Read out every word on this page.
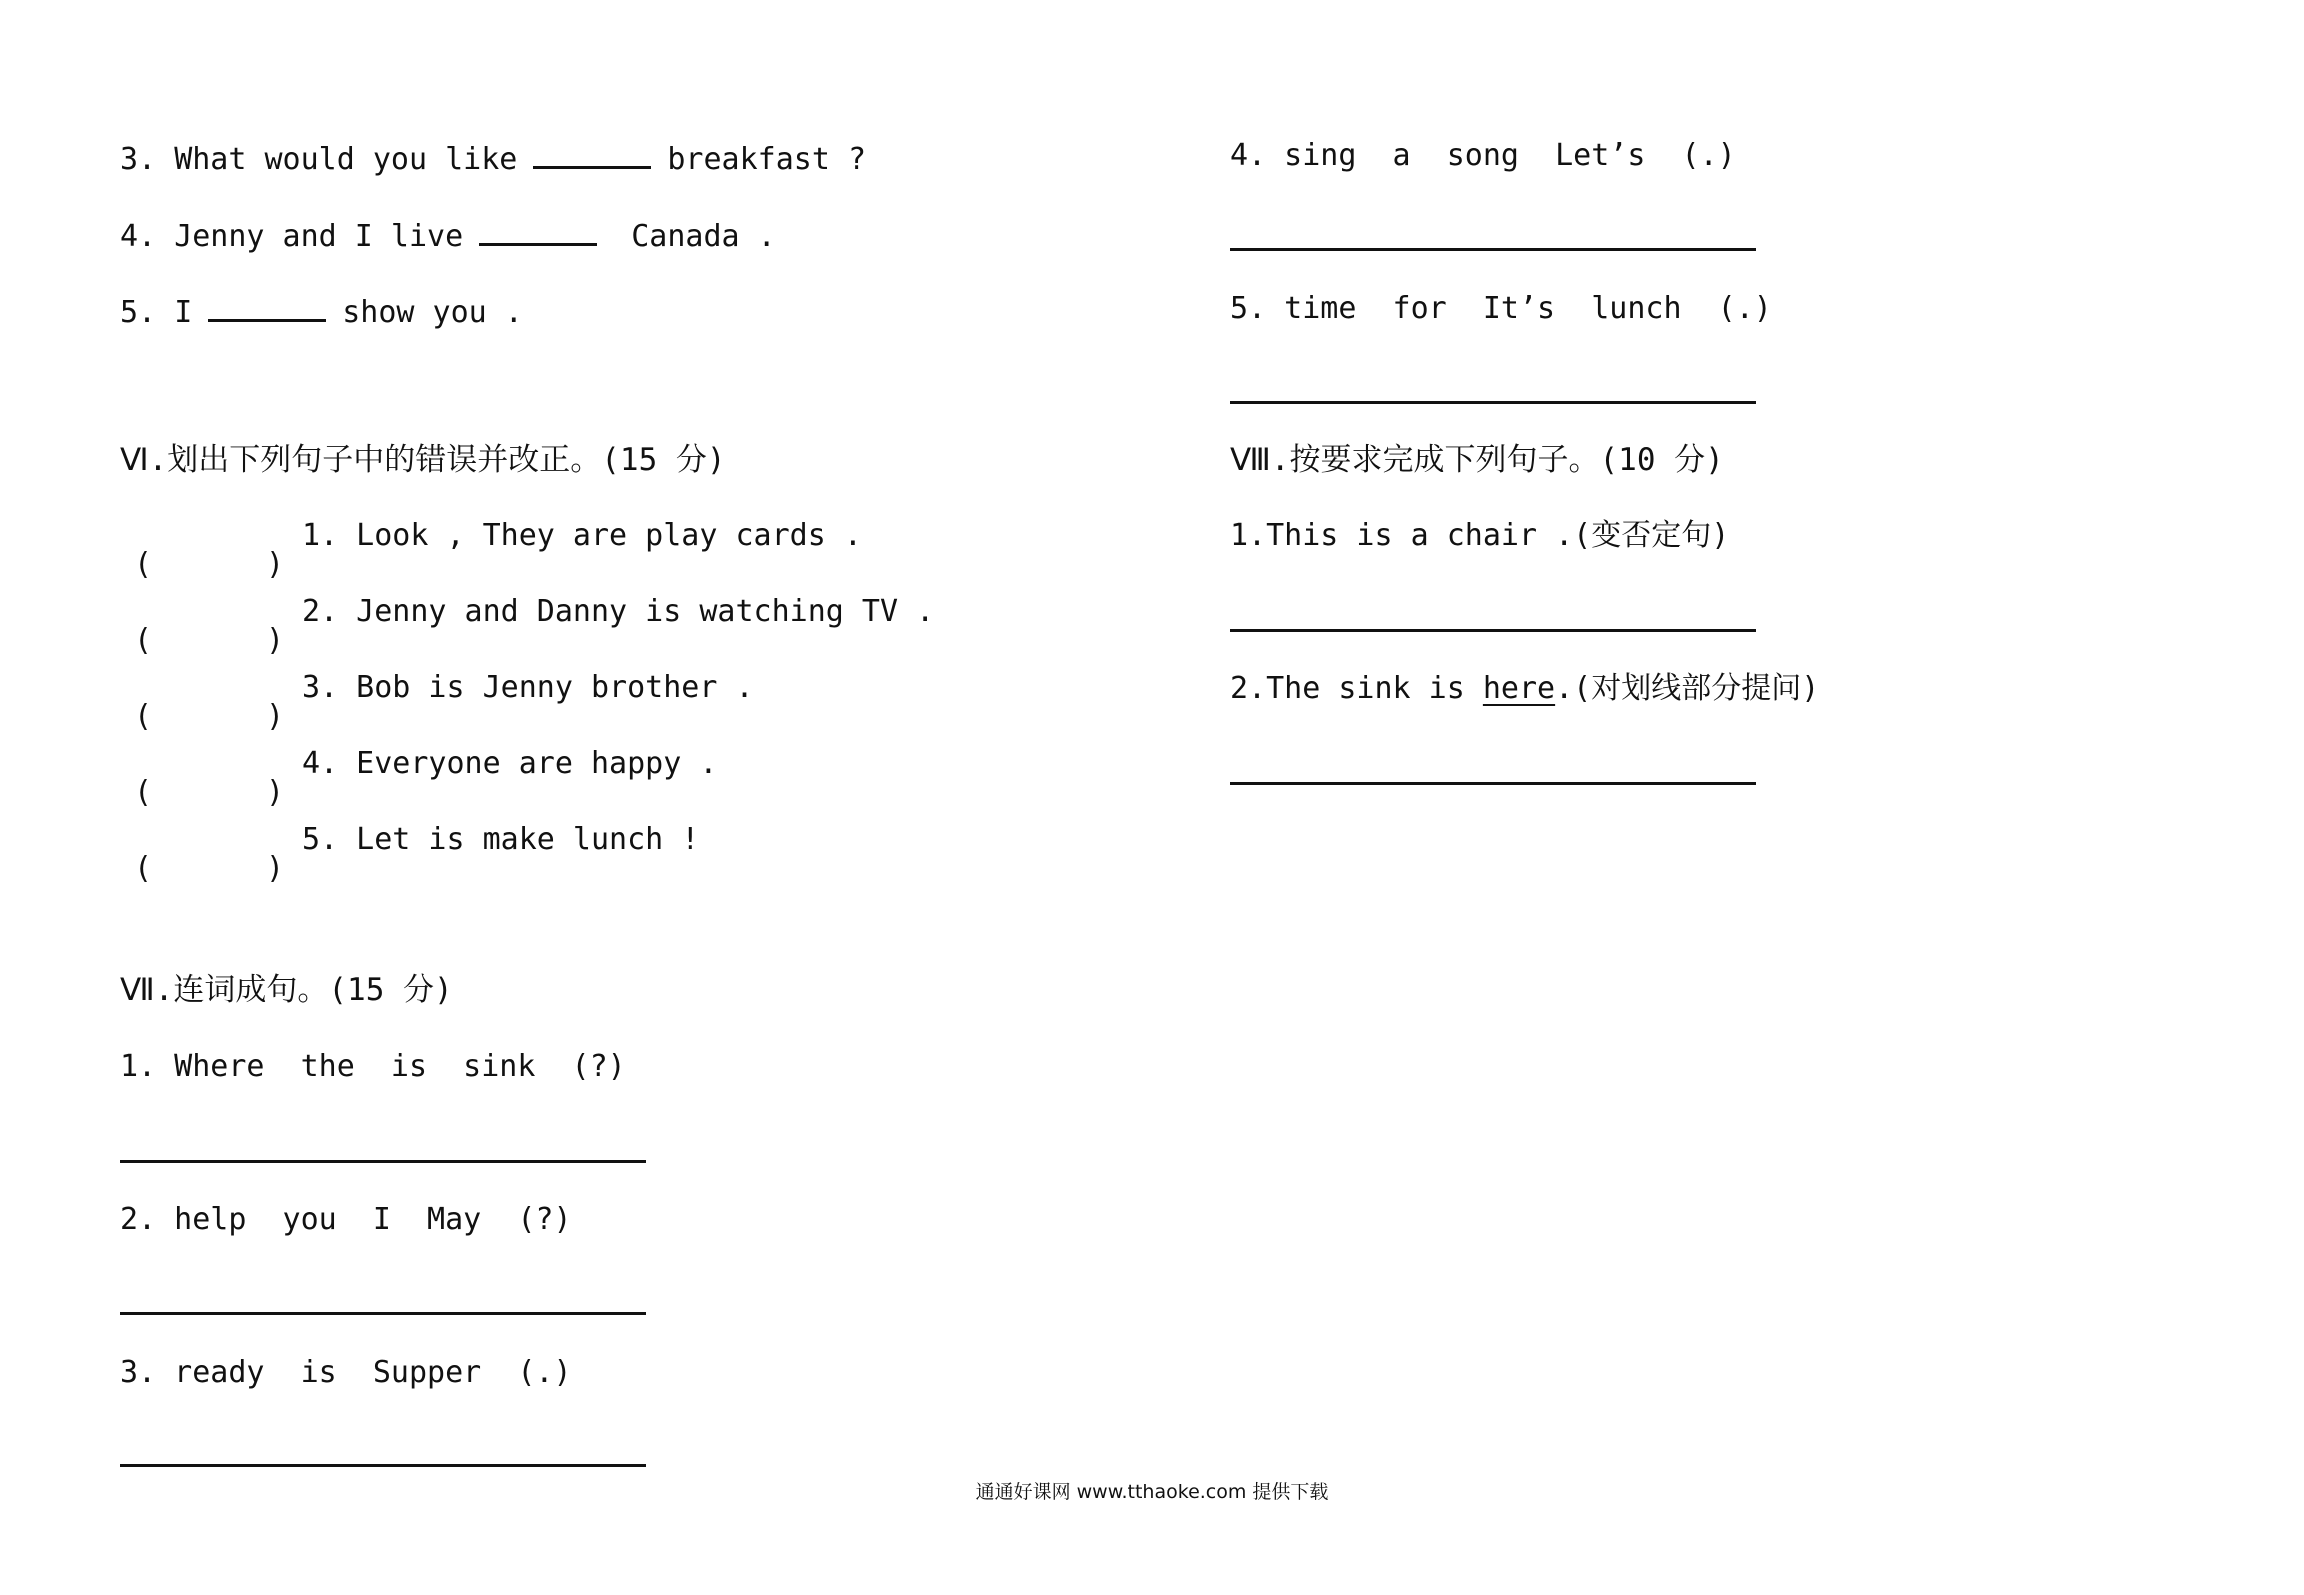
3. What would you like	breakfast ?
4. Jenny and I live	Canada .
5. I	show you .
Ⅵ.划出下列句子中的错误并改正。(15 分)
(	)
1. Look , They are play cards .
(	)
2. Jenny and Danny is watching TV .
(	)
3. Bob is Jenny brother .
(	)
4. Everyone are happy .
(	)
5. Let is make lunch !
Ⅶ.连词成句。(15 分)
1. Where  the  is  sink  (?)
2. help  you  I  May  (?)
3. ready  is  Supper  (.)
4. sing  a  song  Let’s  (.)
5. time  for  It’s  lunch  (.)
Ⅷ.按要求完成下列句子。(10 分)
1.This is a chair .(变否定句)
2.The sink is here.(对划线部分提问)
通通好课网 www.tthaoke.com 提供下载
